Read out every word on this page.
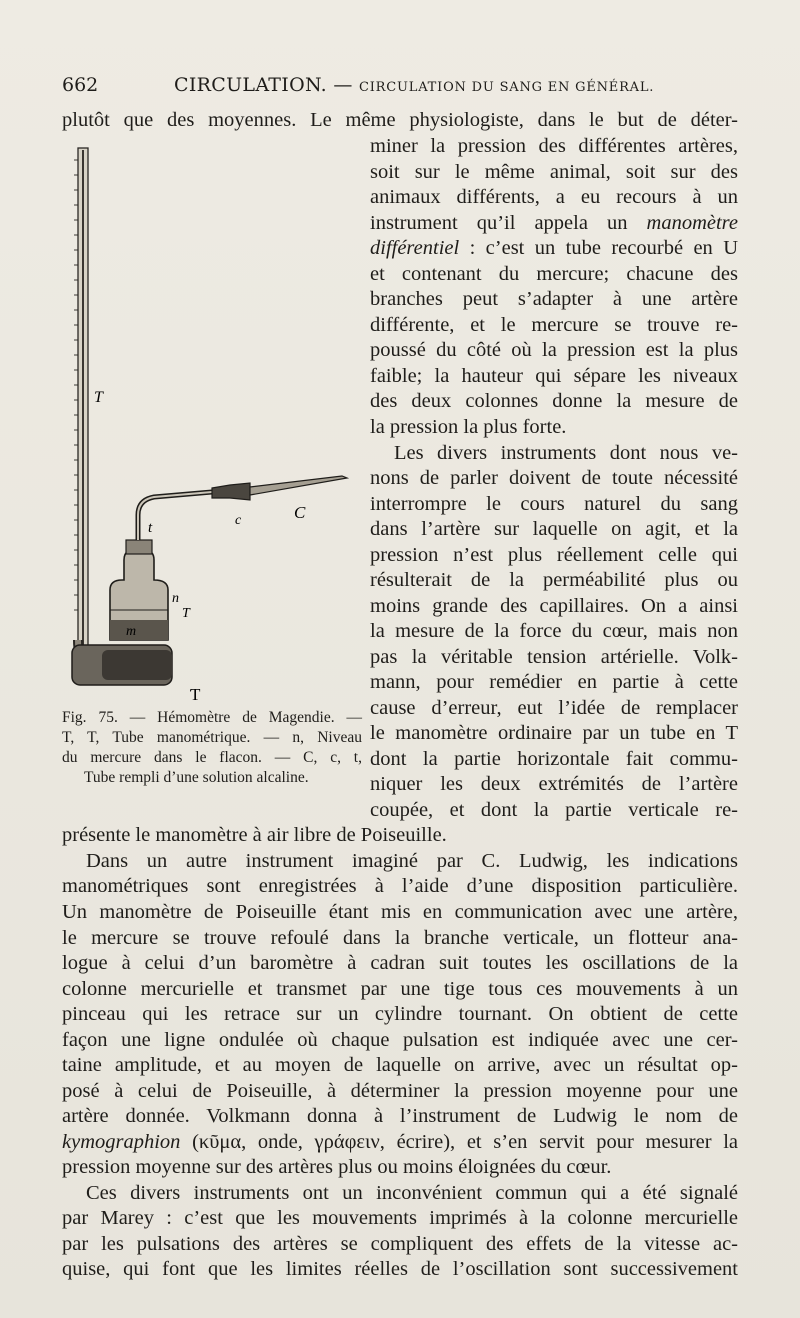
662	CIRCULATION. — CIRCULATION DU SANG EN GÉNÉRAL.
T
t	c	C
n
T
m
Ƭ
Fig. 75. — Hémomètre de Magendie. —
T, T, Tube manométrique. — n, Niveau
du mercure dans le flacon. — C, c, t,
Tube rempli d’une solution alcaline.
plutôt que des moyennes. Le même physiologiste, dans le but de déter-
miner la pression des différentes artères,
soit sur le même animal, soit sur des
animaux différents, a eu recours à un
instrument qu’il appela un manomètre
différentiel : c’est un tube recourbé en U
et contenant du mercure; chacune des
branches peut s’adapter à une artère
différente, et le mercure se trouve re-
poussé du côté où la pression est la plus
faible; la hauteur qui sépare les niveaux
des deux colonnes donne la mesure de
la pression la plus forte.
Les divers instruments dont nous ve-
nons de parler doivent de toute nécessité
interrompre le cours naturel du sang
dans l’artère sur laquelle on agit, et la
pression n’est plus réellement celle qui
résulterait de la perméabilité plus ou
moins grande des capillaires. On a ainsi
la mesure de la force du cœur, mais non
pas la véritable tension artérielle. Volk-
mann, pour remédier en partie à cette
cause d’erreur, eut l’idée de remplacer
le manomètre ordinaire par un tube en T
dont la partie horizontale fait commu-
niquer les deux extrémités de l’artère
coupée, et dont la partie verticale re-
présente le manomètre à air libre de Poiseuille.
Dans un autre instrument imaginé par C. Ludwig, les indications
manométriques sont enregistrées à l’aide d’une disposition particulière.
Un manomètre de Poiseuille étant mis en communication avec une artère,
le mercure se trouve refoulé dans la branche verticale, un flotteur ana-
logue à celui d’un baromètre à cadran suit toutes les oscillations de la
colonne mercurielle et transmet par une tige tous ces mouvements à un
pinceau qui les retrace sur un cylindre tournant. On obtient de cette
façon une ligne ondulée où chaque pulsation est indiquée avec une cer-
taine amplitude, et au moyen de laquelle on arrive, avec un résultat op-
posé à celui de Poiseuille, à déterminer la pression moyenne pour une
artère donnée. Volkmann donna à l’instrument de Ludwig le nom de
kymographion (κῦμα, onde, γράφειν, écrire), et s’en servit pour mesurer la
pression moyenne sur des artères plus ou moins éloignées du cœur.
Ces divers instruments ont un inconvénient commun qui a été signalé
par Marey : c’est que les mouvements imprimés à la colonne mercurielle
par les pulsations des artères se compliquent des effets de la vitesse ac-
quise, qui font que les limites réelles de l’oscillation sont successivement
